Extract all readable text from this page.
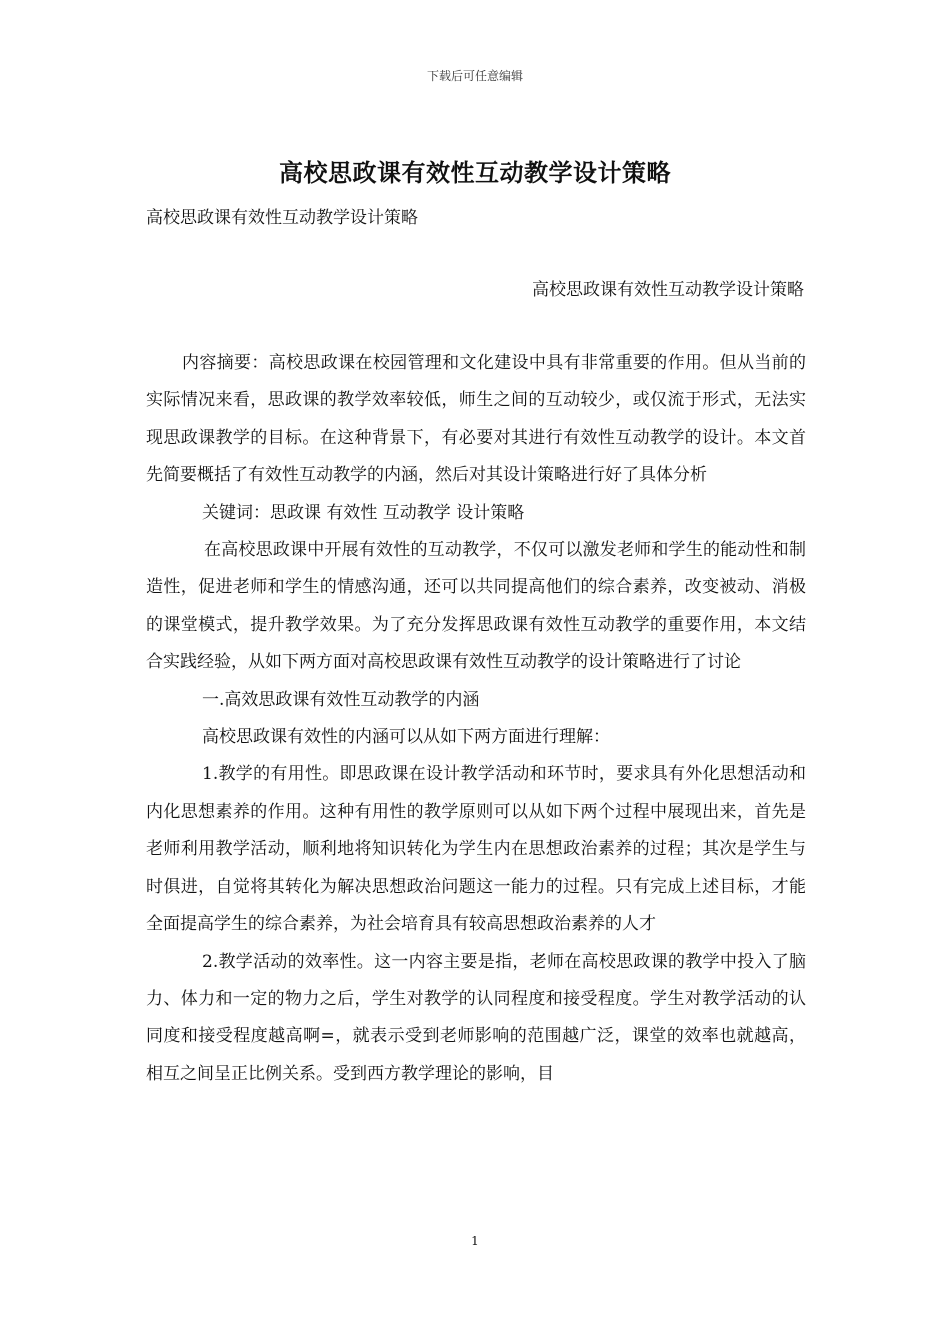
下载后可任意编辑
高校思政课有效性互动教学设计策略
高校思政课有效性互动教学设计策略
高校思政课有效性互动教学设计策略

内容摘要：高校思政课在校园管理和文化建设中具有非常重要的作用。但从当前的实际情况来看，思政课的教学效率较低，师生之间的互动较少，或仅流于形式，无法实现思政课教学的目标。在这种背景下，有必要对其进行有效性互动教学的设计。本文首先简要概括了有效性互动教学的内涵，然后对其设计策略进行好了具体分析

关键词：思政课 有效性 互动教学 设计策略

在高校思政课中开展有效性的互动教学，不仅可以激发老师和学生的能动性和制造性，促进老师和学生的情感沟通，还可以共同提高他们的综合素养，改变被动、消极的课堂模式，提升教学效果。为了充分发挥思政课有效性互动教学的重要作用，本文结合实践经验，从如下两方面对高校思政课有效性互动教学的设计策略进行了讨论

一.高效思政课有效性互动教学的内涵

高校思政课有效性的内涵可以从如下两方面进行理解：

1.教学的有用性。即思政课在设计教学活动和环节时，要求具有外化思想活动和内化思想素养的作用。这种有用性的教学原则可以从如下两个过程中展现出来，首先是老师利用教学活动，顺利地将知识转化为学生内在思想政治素养的过程；其次是学生与时俱进，自觉将其转化为解决思想政治问题这一能力的过程。只有完成上述目标，才能全面提高学生的综合素养，为社会培育具有较高思想政治素养的人才

2.教学活动的效率性。这一内容主要是指，老师在高校思政课的教学中投入了脑力、体力和一定的物力之后，学生对教学的认同程度和接受程度。学生对教学活动的认同度和接受程度越高啊=，就表示受到老师影响的范围越广泛，课堂的效率也就越高，相互之间呈正比例关系。受到西方教学理论的影响，目

1
